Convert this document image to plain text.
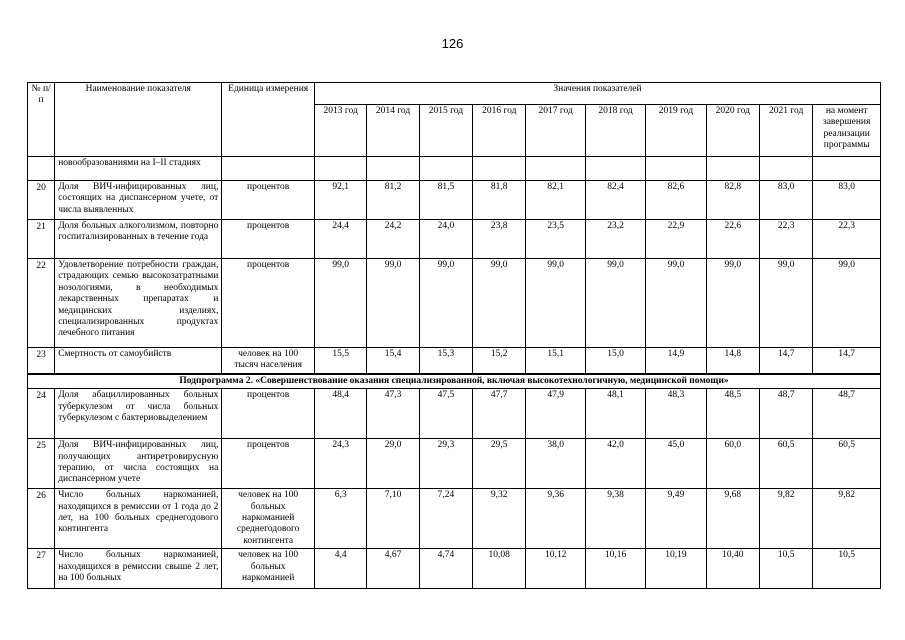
126
№ п/п	Наименование показателя	Единица измерения	Значения показателей									
			2013 год	2014 год	2015 год	2016 год	2017 год	2018 год	2019 год	2020 год	2021 год	на момент завершения реализации программы
	новообразованиями на I–II стадиях											
20	Доля ВИЧ-инфицированных лиц, состоящих на диспансерном учете, от числа выявленных	процентов	92,1	81,2	81,5	81,8	82,1	82,4	82,6	82,8	83,0	83,0
21	Доля больных алкоголизмом, повторно госпитализированных в течение года	процентов	24,4	24,2	24,0	23,8	23,5	23,2	22,9	22,6	22,3	22,3
22	Удовлетворение потребности граждан, страдающих семью высокозатратными нозологиями, в необходимых лекарственных препаратах и медицинских изделиях, специализированных продуктах лечебного питания	процентов	99,0	99,0	99,0	99,0	99,0	99,0	99,0	99,0	99,0	99,0
23	Смертность от самоубийств	человек на 100 тысяч населения	15,5	15,4	15,3	15,2	15,1	15,0	14,9	14,8	14,7	14,7
Подпрограмма 2. «Совершенствование оказания специализированной, включая высокотехнологичную, медицинской помощи»												
24	Доля абациллированных больных туберкулезом от числа больных туберкулезом с бактериовыделением	процентов	48,4	47,3	47,5	47,7	47,9	48,1	48,3	48,5	48,7	48,7
25	Доля ВИЧ-инфицированных лиц, получающих антиретровирусную терапию, от числа состоящих на диспансерном учете	процентов	24,3	29,0	29,3	29,5	38,0	42,0	45,0	60,0	60,5	60,5
26	Число больных наркоманией, находящихся в ремиссии от 1 года до 2 лет, на 100 больных среднегодового контингента	человек на 100 больных наркоманией среднегодового контингента	6,3	7,10	7,24	9,32	9,36	9,38	9,49	9,68	9,82	9,82
27	Число больных наркоманией, находящихся в ремиссии свыше 2 лет, на 100 больных	человек на 100 больных наркоманией	4,4	4,67	4,74	10,08	10,12	10,16	10,19	10,40	10,5	10,5
